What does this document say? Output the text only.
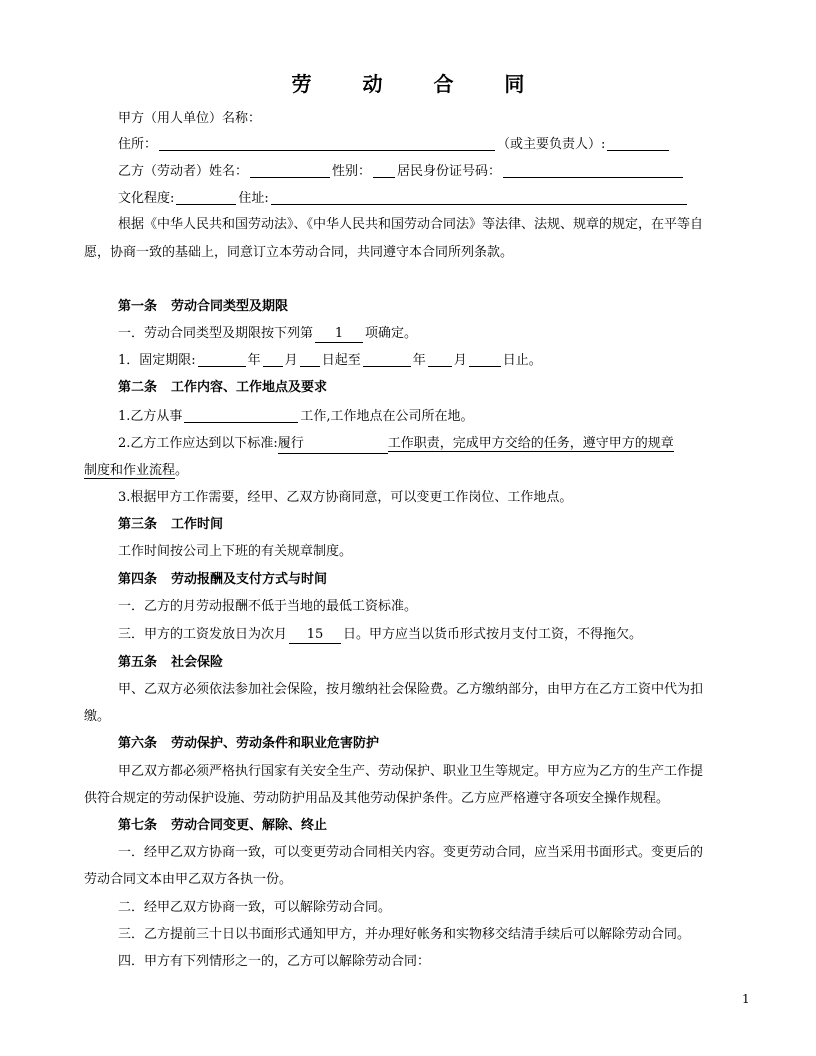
劳 动 合 同
甲方（用人单位）名称：
住所：	（或主要负责人）:
乙方（劳动者）姓名：	性别： 居民身份证号码：
文化程度:	住址:
根据《中华人民共和国劳动法》、《中华人民共和国劳动合同法》等法律、法规、规章的规定，在平等自
愿，协商一致的基础上，同意订立本劳动合同，共同遵守本合同所列条款。
第一条 劳动合同类型及期限
一．劳动合同类型及期限按下列第 1 项确定。
1．固定期限:	年 月 日起至	年 月	日止。
第二条 工作内容、工作地点及要求
1.乙方从事	工作,工作地点在公司所在地。
2.乙方工作应达到以下标准:履行	工作职责，完成甲方交给的任务，遵守甲方的规章
制度和作业流程。
3.根据甲方工作需要，经甲、乙双方协商同意，可以变更工作岗位、工作地点。
第三条 工作时间
工作时间按公司上下班的有关规章制度。
第四条 劳动报酬及支付方式与时间
一．乙方的月劳动报酬不低于当地的最低工资标准。
三．甲方的工资发放日为次月 15 日。甲方应当以货币形式按月支付工资，不得拖欠。
第五条 社会保险
甲、乙双方必须依法参加社会保险，按月缴纳社会保险费。乙方缴纳部分，由甲方在乙方工资中代为扣
缴。
第六条 劳动保护、劳动条件和职业危害防护
甲乙双方都必须严格执行国家有关安全生产、劳动保护、职业卫生等规定。甲方应为乙方的生产工作提
供符合规定的劳动保护设施、劳动防护用品及其他劳动保护条件。乙方应严格遵守各项安全操作规程。
第七条 劳动合同变更、解除、终止
一．经甲乙双方协商一致，可以变更劳动合同相关内容。变更劳动合同，应当采用书面形式。变更后的
劳动合同文本由甲乙双方各执一份。
二．经甲乙双方协商一致，可以解除劳动合同。
三．乙方提前三十日以书面形式通知甲方，并办理好帐务和实物移交结清手续后可以解除劳动合同。
四．甲方有下列情形之一的，乙方可以解除劳动合同：
1
